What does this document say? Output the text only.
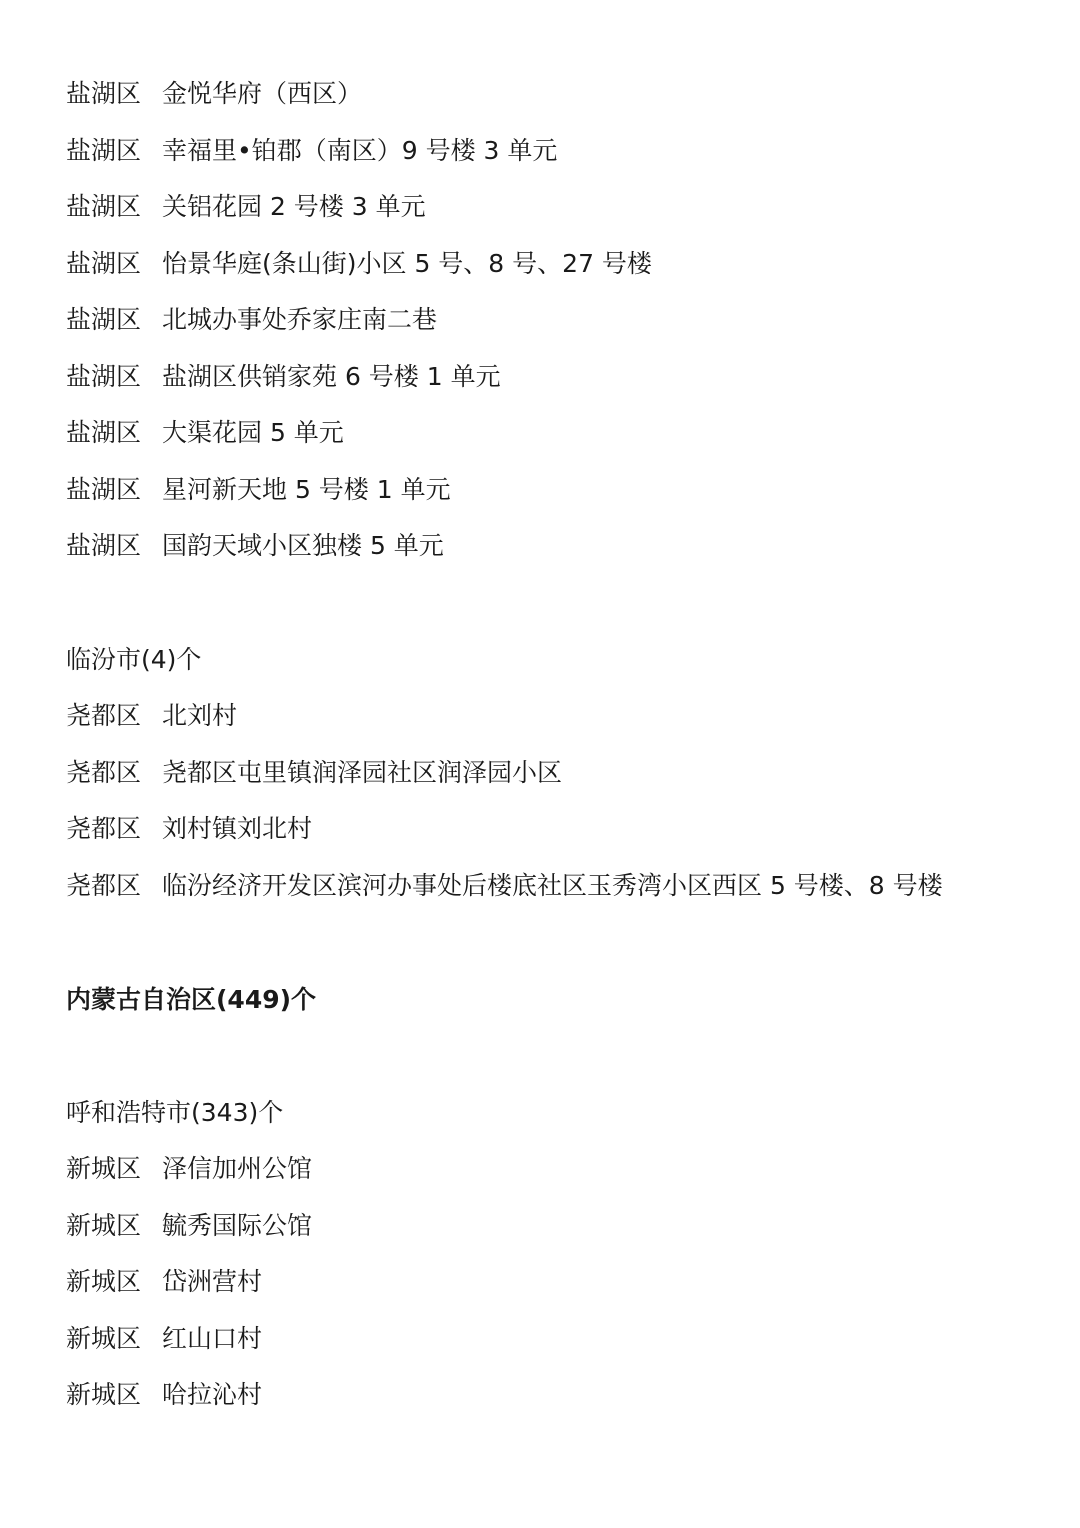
盐湖区 金悦华府（西区）
盐湖区 幸福里•铂郡（南区）9 号楼 3 单元
盐湖区 关铝花园 2 号楼 3 单元
盐湖区 怡景华庭(条山街)小区 5 号、8 号、27 号楼
盐湖区 北城办事处乔家庄南二巷
盐湖区 盐湖区供销家苑 6 号楼 1 单元
盐湖区 大渠花园 5 单元
盐湖区 星河新天地 5 号楼 1 单元
盐湖区 国韵天域小区独楼 5 单元
临汾市(4)个
尧都区 北刘村
尧都区 尧都区屯里镇润泽园社区润泽园小区
尧都区 刘村镇刘北村
尧都区 临汾经济开发区滨河办事处后楼底社区玉秀湾小区西区 5 号楼、8 号楼
内蒙古自治区(449)个
呼和浩特市(343)个
新城区 泽信加州公馆
新城区 毓秀国际公馆
新城区 岱洲营村
新城区 红山口村
新城区 哈拉沁村
